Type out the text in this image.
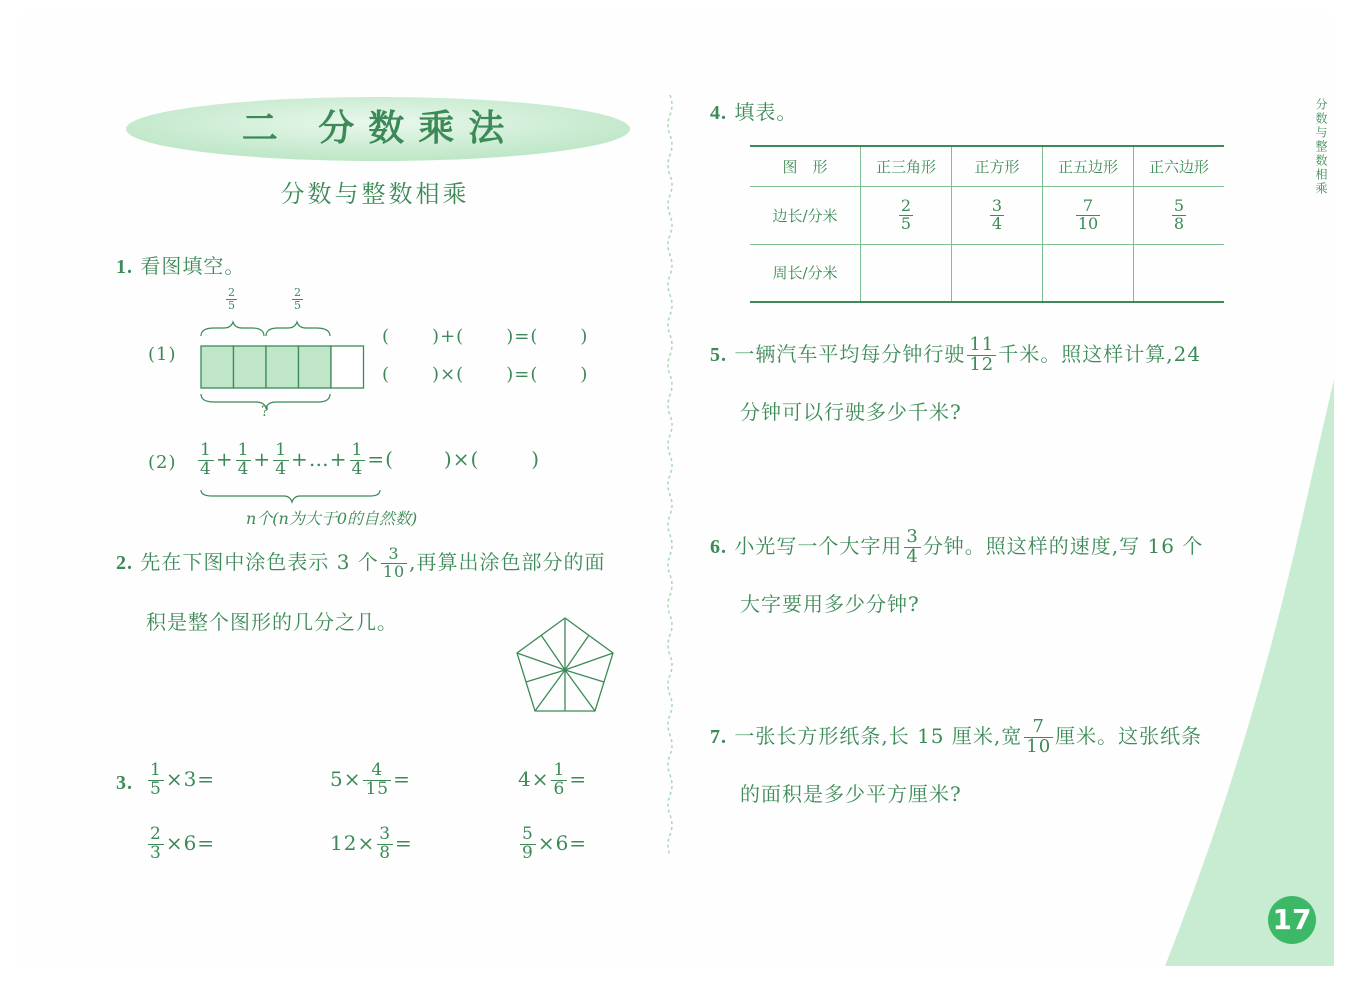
二 分数乘法
分数与整数相乘	分数与整数相乘
17
1. 看图填空。
(1)
$\frac{2}{5}$	$\frac{2}{5}$
?
( )+( )=( )
( )×( )=( )
$(2) \frac{1}{4} + \frac{1}{4} + \frac{1}{4}$ +…+ $\frac{1}{4}$ =(	)×(	)
n个(n为大于0的自然数)
2. 先在下图中涂色表示 3 个 $\frac{3}{10}$ ,再算出涂色部分的面
积是整个图形的几分之几。
3. $\frac{1}{5} \times 3=$	$5\times \frac{4}{15}$ =	$4\times \frac{1}{6}$ =
$\frac{2}{3} \times 6=$	$12\times \frac{3}{8}$ =	$\frac{5}{9} \times 6=$
4. 填表。
图　形	正三角形	正方形	正五边形	正六边形
边长/分米	$\frac{2}{5}$	$\frac{3}{4}$	$\frac{7}{10}$	$\frac{5}{8}$

周长/分米				
5. 一辆汽车平均每分钟行驶 $\frac{11}{12}$ 千米。照这样计算,24
分钟可以行驶多少千米?
6. 小光写一个大字用 $\frac{3}{4}$ 分钟。照这样的速度,写 16 个
大字要用多少分钟?
7. 一张长方形纸条,长 15 厘米,宽 $\frac{7}{10}$ 厘米。这张纸条
的面积是多少平方厘米?
